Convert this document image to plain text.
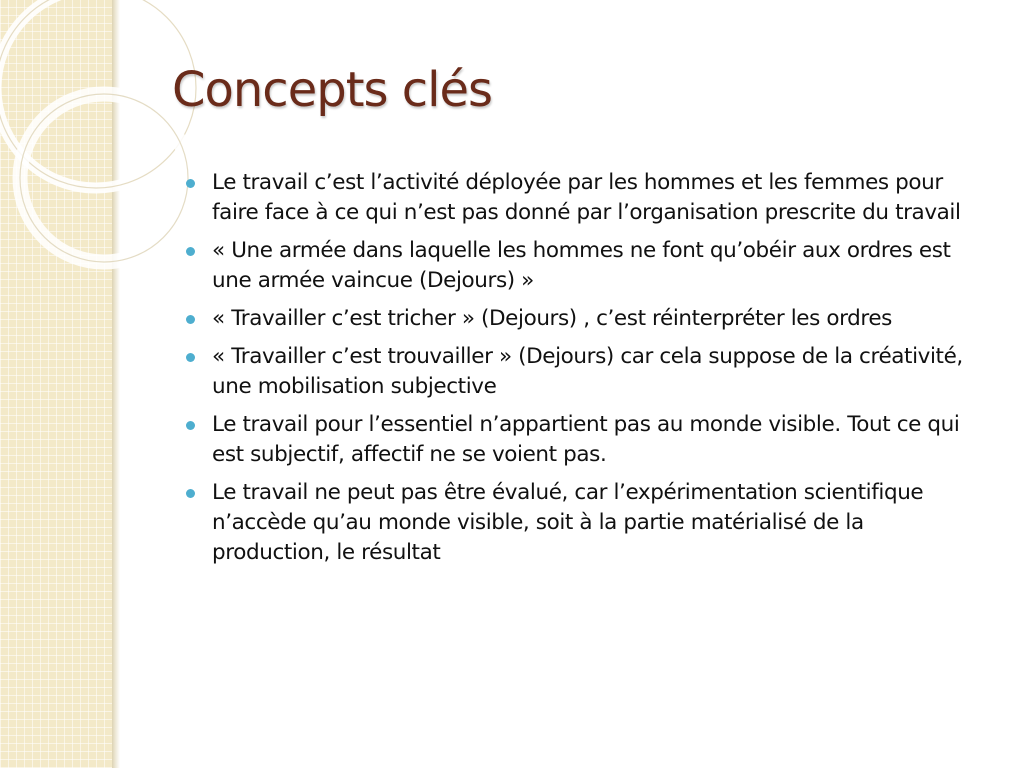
Concepts clés
Le travail c’est l’activité déployée par les hommes et les femmes pour faire face à ce qui n’est pas donné par l’organisation prescrite du travail
« Une armée dans laquelle les hommes ne font qu’obéir aux ordres est une armée vaincue (Dejours) »
« Travailler c’est tricher » (Dejours) , c’est réinterpréter les ordres
« Travailler c’est trouvailler » (Dejours) car cela suppose de la créativité, une mobilisation subjective
Le travail pour l’essentiel n’appartient pas au monde visible. Tout ce qui est subjectif, affectif ne se voient pas.
Le travail ne peut pas être évalué, car l’expérimentation scientifique n’accède qu’au monde visible, soit à la partie matérialisé de la production, le résultat
